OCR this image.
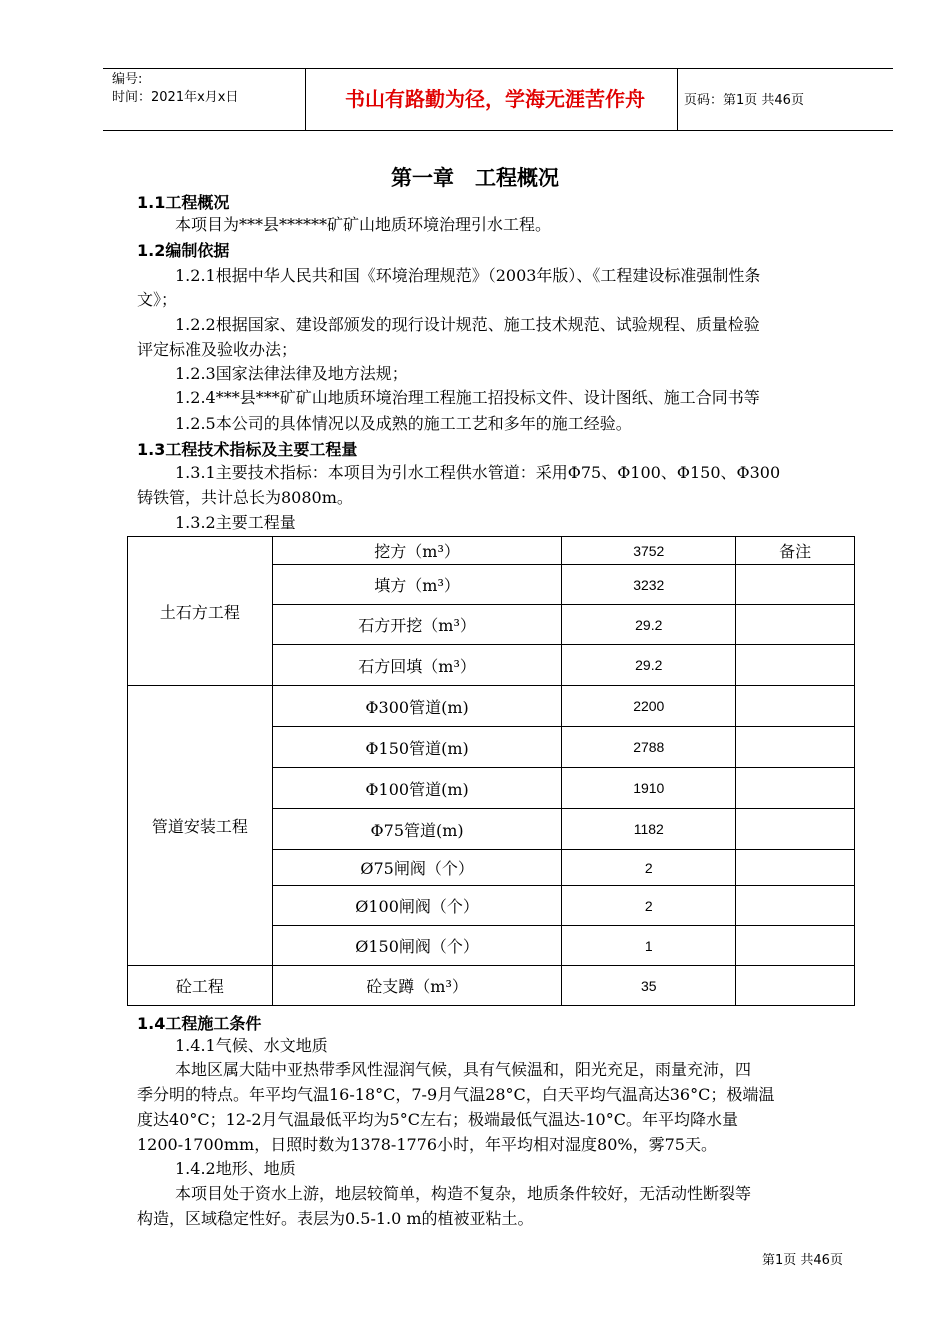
编号:
时间：2021年x月x日	书山有路勤为径，学海无涯苦作舟	页码：第1页 共46页
第一章　工程概况
1.1工程概况
本项目为***县******矿矿山地质环境治理引水工程。
1.2编制依据
1.2.1根据中华人民共和国《环境治理规范》（2003年版）、《工程建设标准强制性条
文》；
1.2.2根据国家、建设部颁发的现行设计规范、施工技术规范、试验规程、质量检验
评定标准及验收办法；
1.2.3国家法律法律及地方法规；
1.2.4***县***矿矿山地质环境治理工程施工招投标文件、设计图纸、施工合同书等
1.2.5本公司的具体情况以及成熟的施工工艺和多年的施工经验。
1.3工程技术指标及主要工程量
1.3.1主要技术指标：本项目为引水工程供水管道：采用Φ75、Φ100、Φ150、Φ300
铸铁管，共计总长为8080m。
1.3.2主要工程量
土石方工程	挖方（m³）	3752	备注
	填方（m³）	3232	
	石方开挖（m³）	29.2	
	石方回填（m³）	29.2	
管道安装工程	Φ300管道(m)	2200	
	Φ150管道(m)	2788	
	Φ100管道(m)	1910	
	Φ75管道(m)	1182	
	Ø75闸阀（个）	2	
	Ø100闸阀（个）	2	
	Ø150闸阀（个）	1	
砼工程	砼支蹲（m³）	35	
1.4工程施工条件
1.4.1气候、水文地质
本地区属大陆中亚热带季风性湿润气候，具有气候温和，阳光充足，雨量充沛，四
季分明的特点。年平均气温16-18°C，7-9月气温28°C，白天平均气温高达36°C；极端温
度达40°C；12-2月气温最低平均为5°C左右；极端最低气温达-10°C。年平均降水量
1200-1700mm，日照时数为1378-1776小时，年平均相对湿度80%，雾75天。
1.4.2地形、地质
本项目处于资水上游，地层较简单，构造不复杂，地质条件较好，无活动性断裂等
构造，区域稳定性好。表层为0.5-1.0 m的植被亚粘土。
第1页 共46页
